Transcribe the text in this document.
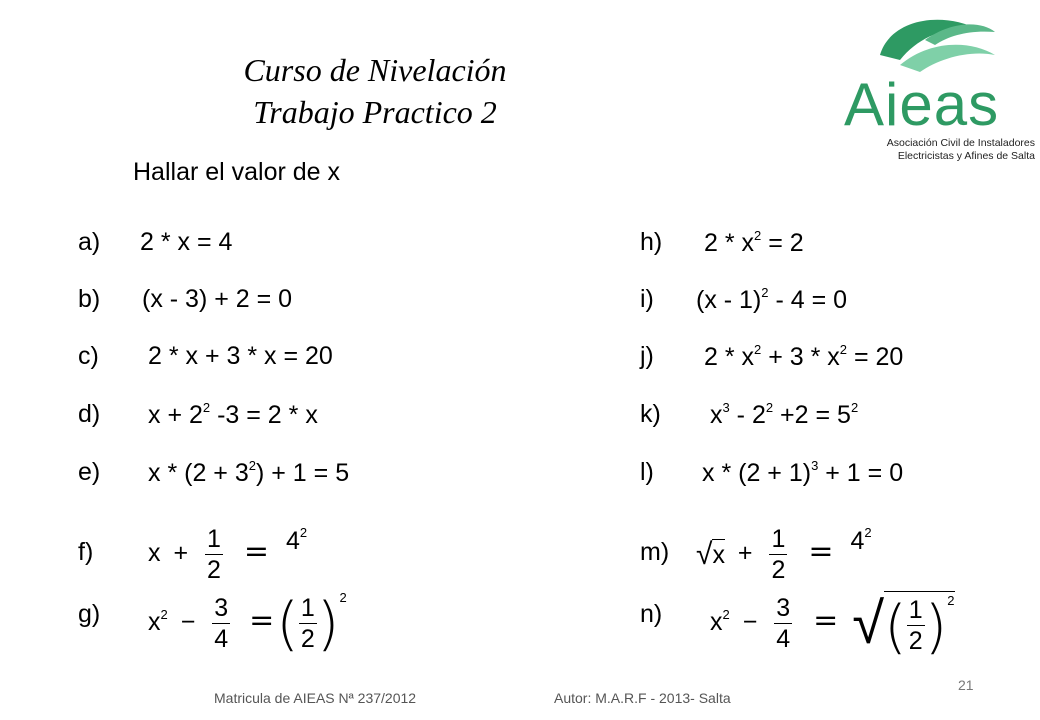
Curso de Nivelación
Trabajo Practico 2	Aieas
Asociación Civil de Instaladores
Electricistas y Afines de Salta
Hallar el valor de x
a) 2 * x = 4
b) (x - 3) + 2 = 0
c) 2 * x + 3 * x = 20
d) $x + 2^2$ -3 = 2 * x
e) $x * (2 + 3^2) + 1 = 5$
f) $x + \frac{1}{2} = 4^2$
g) $x^2 - \frac{3}{4}$ =( $\frac{1}{2} )^2$
h) $2 * x^2 = 2$
i) (x - 1)$^2$ - 4 = 0
j) $2 * x^2 + 3 * x^2 = 20$
k) $x^3 - 2^2 +2 = 5^2$
l) $x * (2 + 1)^3 + 1 = 0$
m) √ $x + \frac{1}{2} = 4^2$
n) $x^2 - \frac{3}{4}$ = √ ( $\frac{1}{2} )^2$
Matricula de AIEAS Nª 237/2012	Autor: M.A.R.F - 2013- Salta
21
